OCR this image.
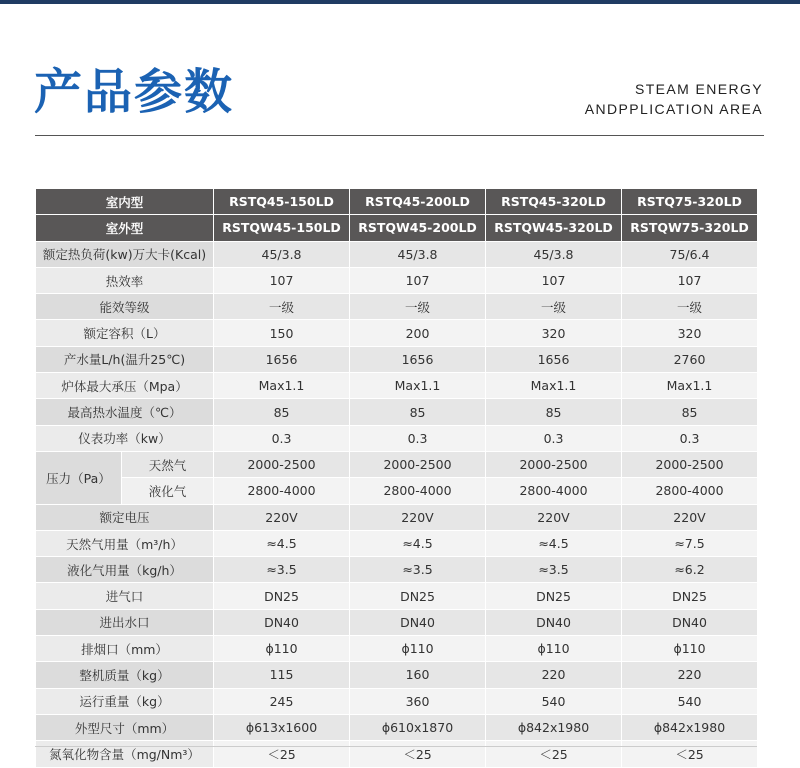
产品参数	STEAM ENERGY
ANDPPLICATION AREA
室内型		RSTQ45-150LD	RSTQ45-200LD	RSTQ45-320LD	RSTQ75-320LD
室外型		RSTQW45-150LD	RSTQW45-200LD	RSTQW45-320LD	RSTQW75-320LD
额定热负荷(kw)万大卡(Kcal)		45/3.8	45/3.8	45/3.8	75/6.4
热效率		107	107	107	107
能效等级		一级	一级	一级	一级
额定容积（L）		150	200	320	320
产水量L/h(温升25℃)		1656	1656	1656	2760
炉体最大承压（Mpa）		Max1.1	Max1.1	Max1.1	Max1.1
最高热水温度（℃）		85	85	85	85
仪表功率（kw）		0.3	0.3	0.3	0.3
压力（Pa）	天然气	2000-2500	2000-2500	2000-2500	2000-2500
	液化气	2800-4000	2800-4000	2800-4000	2800-4000
额定电压		220V	220V	220V	220V
天然气用量（m³/h）		≈4.5	≈4.5	≈4.5	≈7.5
液化气用量（kg/h）		≈3.5	≈3.5	≈3.5	≈6.2
进气口		DN25	DN25	DN25	DN25
进出水口		DN40	DN40	DN40	DN40
排烟口（mm）		ϕ110	ϕ110	ϕ110	ϕ110
整机质量（kg）		115	160	220	220
运行重量（kg）		245	360	540	540
外型尺寸（mm）		ϕ613x1600	ϕ610x1870	ϕ842x1980	ϕ842x1980
氮氧化物含量（mg/Nm³）		＜25	＜25	＜25	＜25
